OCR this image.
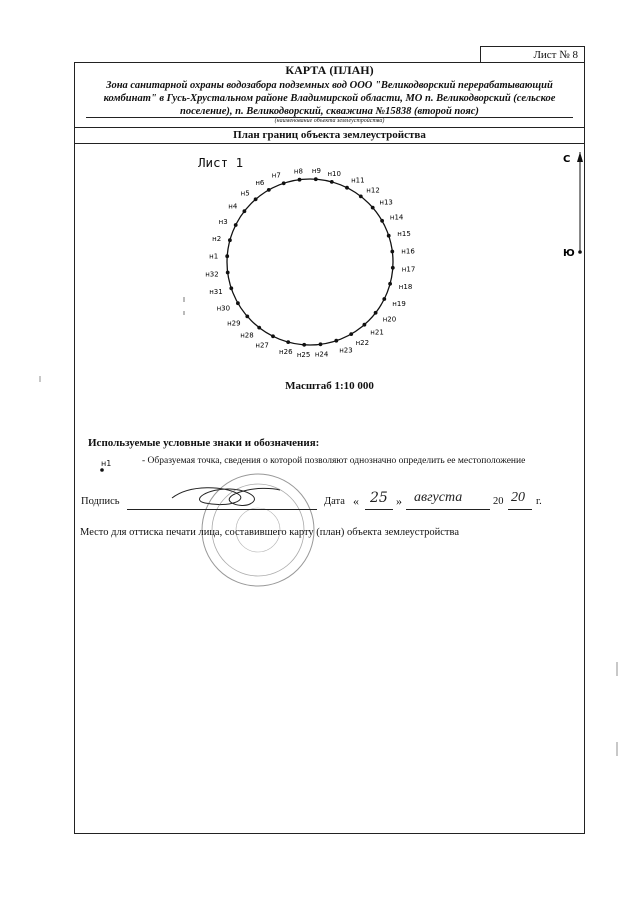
Лист № 8
КАРТА (ПЛАН)
Зона санитарной охраны водозабора подземных вод ООО "Великодворский перерабатывающий комбинат" в Гусь-Хрустальном районе Владимирской области, МО п. Великодворский (сельское поселение), п. Великодворский, скважина №15838 (второй пояс)
(наименование объекта землеустройства)
План границ объекта землеустройства
Лист 1
н1
н2
н3
н4
н5
н6
н7 н8 н9 н10
н11
н12
н13
н14
н15
н16
н17
н18
н19
н20
н21
н22
н23
н24
н25
н26
н27
н28
н29
н30
н31
н32
С
Ю
Масштаб 1:10 000
Используемые условные знаки и обозначения:
н1	- Образуемая точка, сведения о которой позволяют однозначно определить ее местоположение
Подпись	Дата « 25 » августа	20 20 г.
Место для оттиска печати лица, составившего карту (план) объекта землеустройства
